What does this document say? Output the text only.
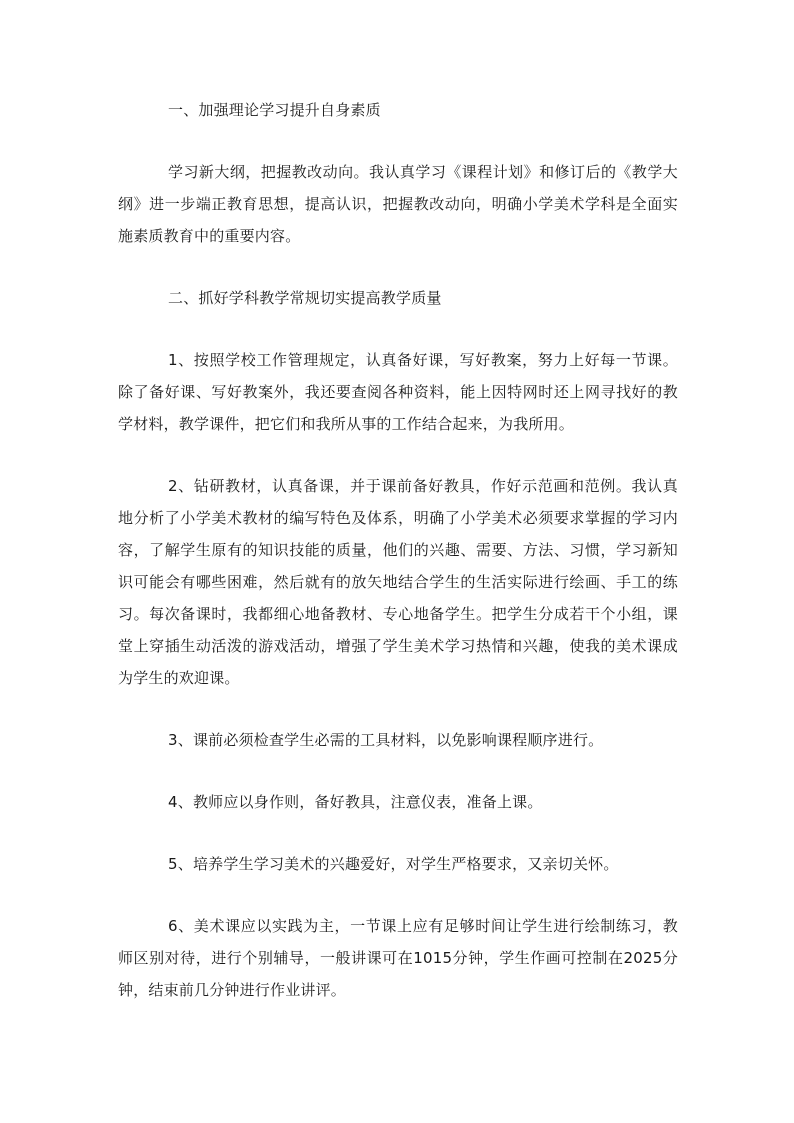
一、加强理论学习提升自身素质

学习新大纲，把握教改动向。我认真学习《课程计划》和修订后的《教学大纲》进一步端正教育思想，提高认识，把握教改动向，明确小学美术学科是全面实施素质教育中的重要内容。

二、抓好学科教学常规切实提高教学质量

1、按照学校工作管理规定，认真备好课，写好教案，努力上好每一节课。除了备好课、写好教案外，我还要查阅各种资料，能上因特网时还上网寻找好的教学材料，教学课件，把它们和我所从事的工作结合起来，为我所用。

2、钻研教材，认真备课，并于课前备好教具，作好示范画和范例。我认真地分析了小学美术教材的编写特色及体系，明确了小学美术必须要求掌握的学习内容，了解学生原有的知识技能的质量，他们的兴趣、需要、方法、习惯，学习新知识可能会有哪些困难，然后就有的放矢地结合学生的生活实际进行绘画、手工的练习。每次备课时，我都细心地备教材、专心地备学生。把学生分成若干个小组，课堂上穿插生动活泼的游戏活动，增强了学生美术学习热情和兴趣，使我的美术课成为学生的欢迎课。

3、课前必须检查学生必需的工具材料，以免影响课程顺序进行。

4、教师应以身作则，备好教具，注意仪表，准备上课。

5、培养学生学习美术的兴趣爱好，对学生严格要求，又亲切关怀。

6、美术课应以实践为主，一节课上应有足够时间让学生进行绘制练习，教师区别对待，进行个别辅导，一般讲课可在1015分钟，学生作画可控制在2025分钟，结束前几分钟进行作业讲评。
